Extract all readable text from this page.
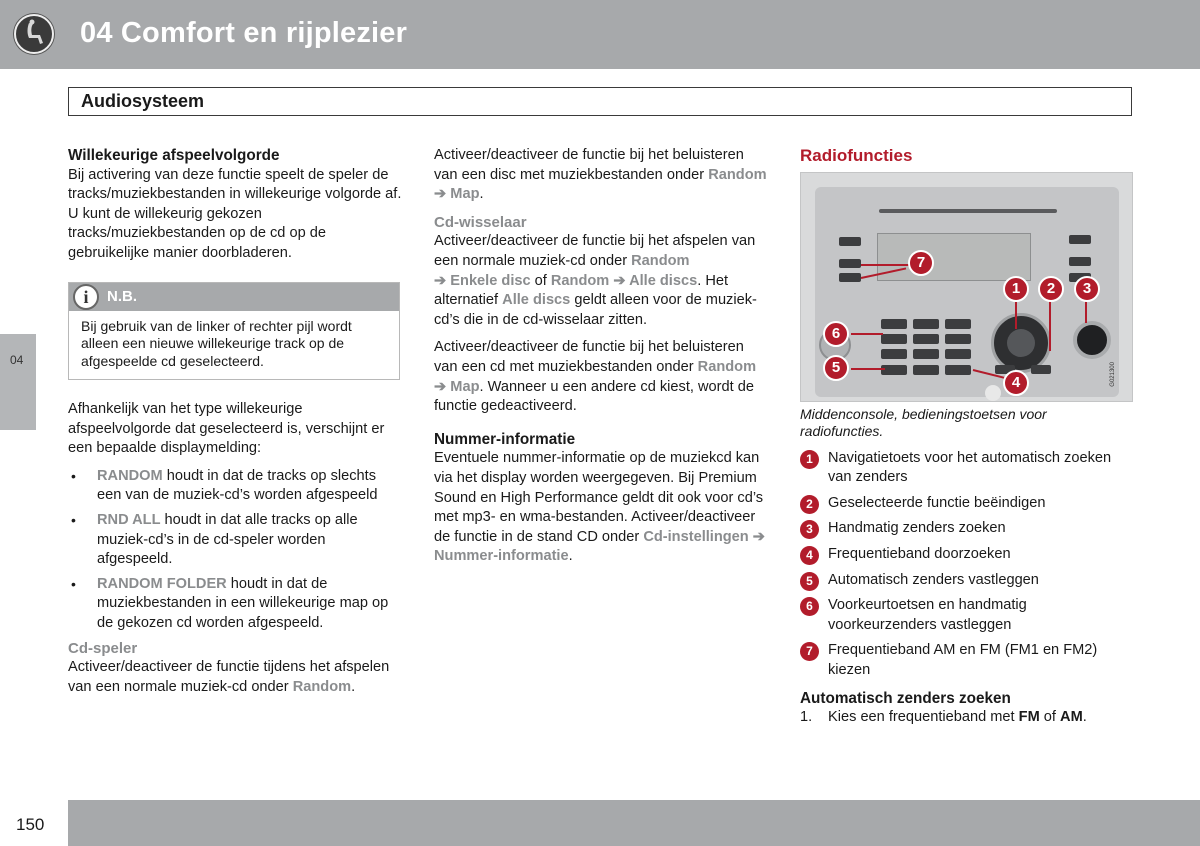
04 Comfort en rijplezier
Audiosysteem
04

Willekeurige afspeelvolgorde

Bij activering van deze functie speelt de speler de tracks/muziekbestanden in willekeurige volgorde af. U kunt de willekeurig gekozen tracks/muziekbestanden op de cd op de gebruikelijke manier doorbladeren.

i	N.B.
Bij gebruik van de linker of rechter pijl wordt alleen een nieuwe willekeurige track op de afgespeelde cd geselecteerd.

Afhankelijk van het type willekeurige afspeelvolgorde dat geselecteerd is, verschijnt er een bepaalde displaymelding:

• RANDOM houdt in dat de tracks op slechts een van de muziek-cd’s worden afgespeeld
• RND ALL houdt in dat alle tracks op alle muziek-cd’s in de cd-speler worden afgespeeld.
• RANDOM FOLDER houdt in dat de muziekbestanden in een willekeurige map op de gekozen cd worden afgespeeld.

Cd-speler

Activeer/deactiveer de functie tijdens het afspelen van een normale muziek-cd onder Random.

Activeer/deactiveer de functie bij het beluisteren van een disc met muziekbestanden onder Random ➔ Map.

Cd-wisselaar

Activeer/deactiveer de functie bij het afspelen van een normale muziek-cd onder Random
➔ Enkele disc of Random ➔ Alle discs. Het alternatief Alle discs geldt alleen voor de muziek-cd’s die in de cd-wisselaar zitten.

Activeer/deactiveer de functie bij het beluisteren van een cd met muziekbestanden onder Random ➔ Map. Wanneer u een andere cd kiest, wordt de functie gedeactiveerd.

Nummer-informatie

Eventuele nummer-informatie op de muziekcd kan via het display worden weergegeven. Bij Premium Sound en High Performance geldt dit ook voor cd’s met mp3- en wma-bestanden. Activeer/deactiveer de functie in de stand CD onder Cd-instellingen ➔ Nummer-informatie.

Radiofuncties

7
1	2	3
6
5
4	G021300

Middenconsole, bedieningstoetsen voor radiofuncties.

1	Navigatietoets voor het automatisch zoeken van zenders
2	Geselecteerde functie beëindigen
3	Handmatig zenders zoeken
4	Frequentieband doorzoeken
5	Automatisch zenders vastleggen
6	Voorkeurtoetsen en handmatig voorkeurzenders vastleggen
7	Frequentieband AM en FM (FM1 en FM2) kiezen

Automatisch zenders zoeken

1. Kies een frequentieband met FM of AM.

150
